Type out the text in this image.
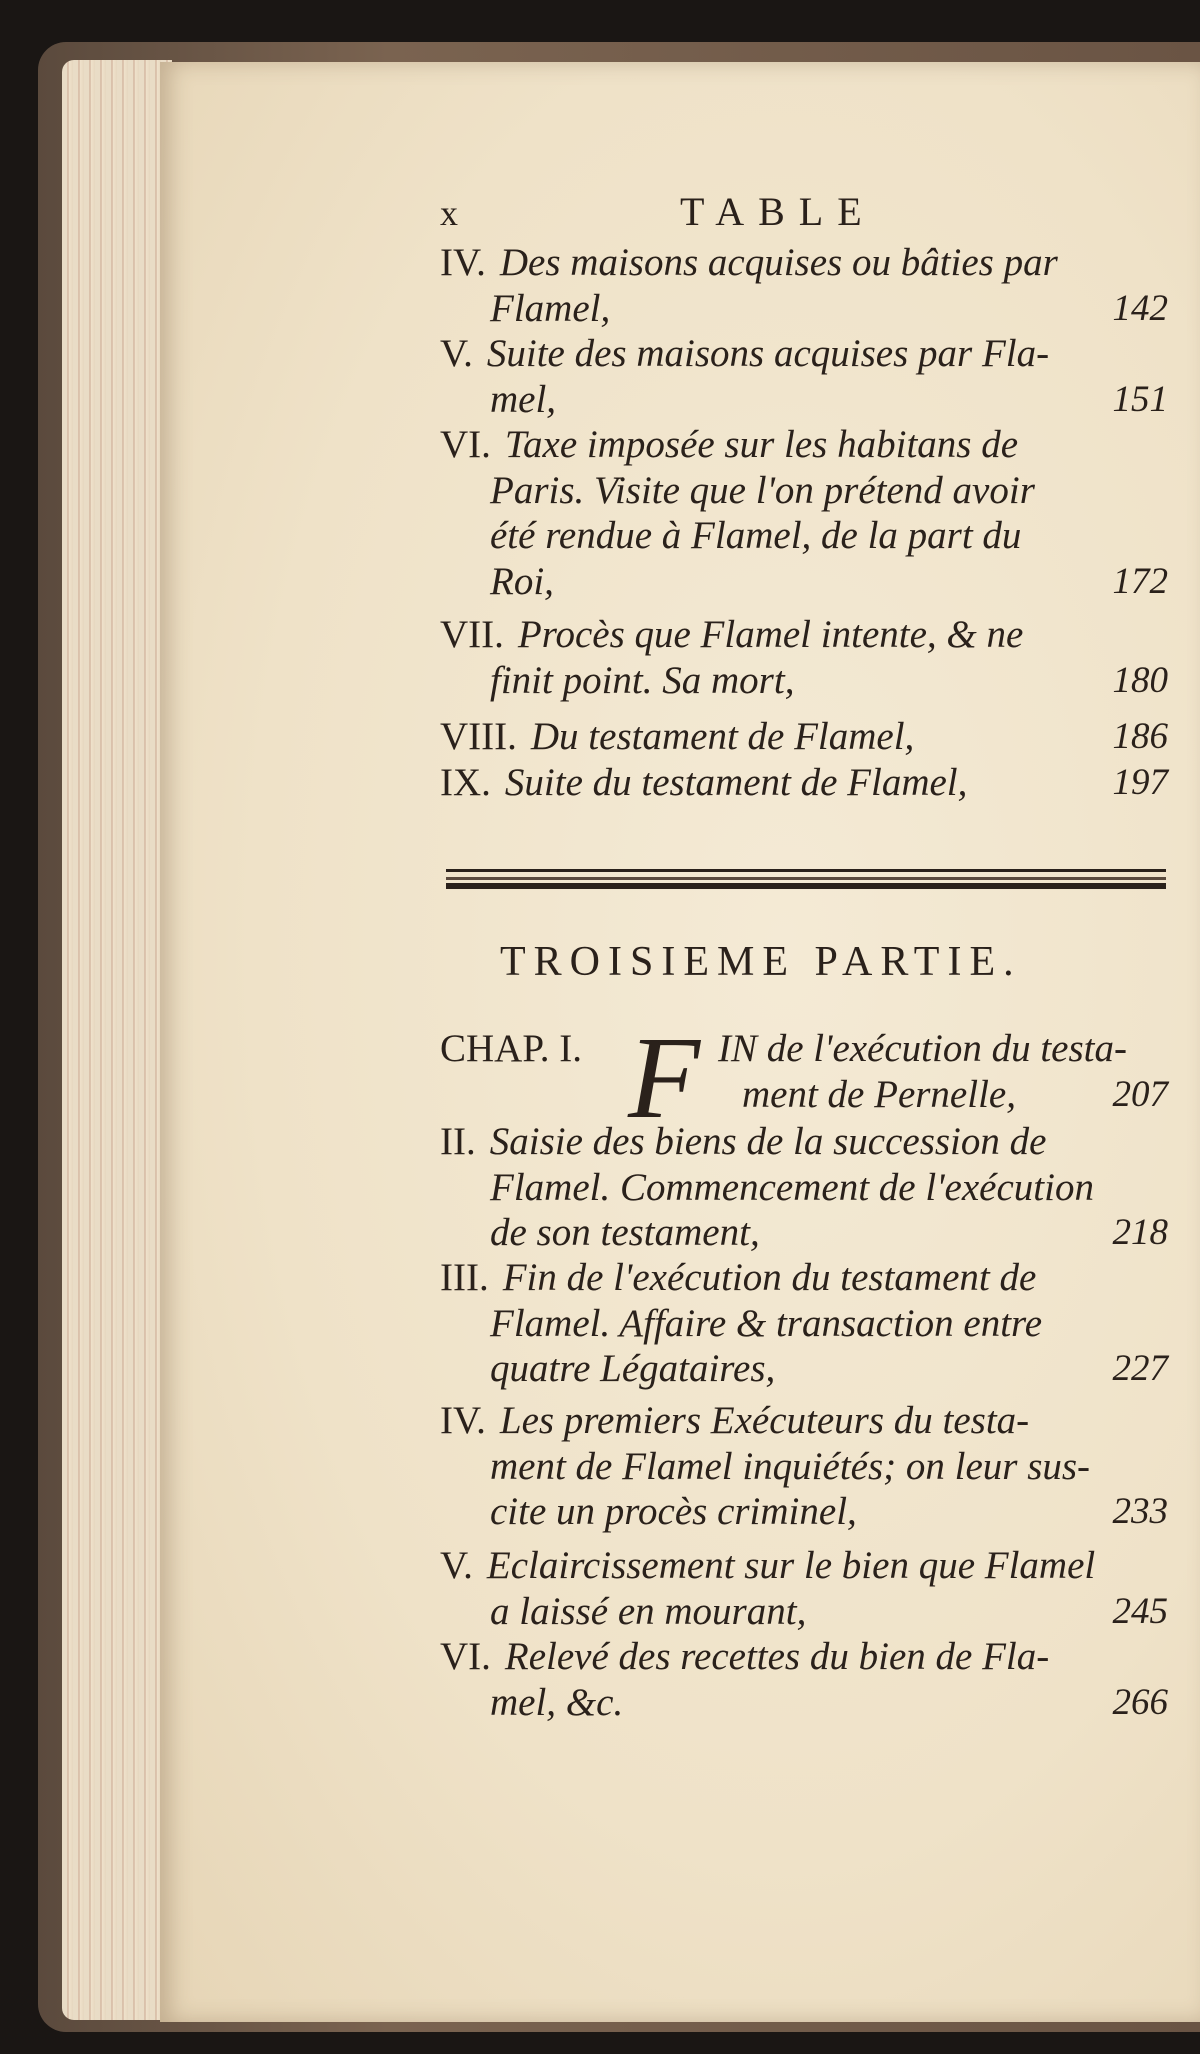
x	TABLE
IV. Des maisons acquises ou bâties par
Flamel,	142
V. Suite des maisons acquises par Fla-
mel,	151
VI. Taxe imposée sur les habitans de
Paris. Visite que l'on prétend avoir
été rendue à Flamel, de la part du
Roi,	172
VII. Procès que Flamel intente, & ne
finit point. Sa mort,	180
VIII. Du testament de Flamel,	186
IX. Suite du testament de Flamel,	197
TROISIEME PARTIE.
CHAP. I.	IN de l'exécution du testa-
ment de Pernelle,	207
F
II. Saisie des biens de la succession de
Flamel. Commencement de l'exécution
de son testament,	218
III. Fin de l'exécution du testament de
Flamel. Affaire & transaction entre
quatre Légataires,	227
IV. Les premiers Exécuteurs du testa-
ment de Flamel inquiétés; on leur sus-
cite un procès criminel,	233
V. Eclaircissement sur le bien que Flamel
a laissé en mourant,	245
VI. Relevé des recettes du bien de Fla-
mel, &c.	266
